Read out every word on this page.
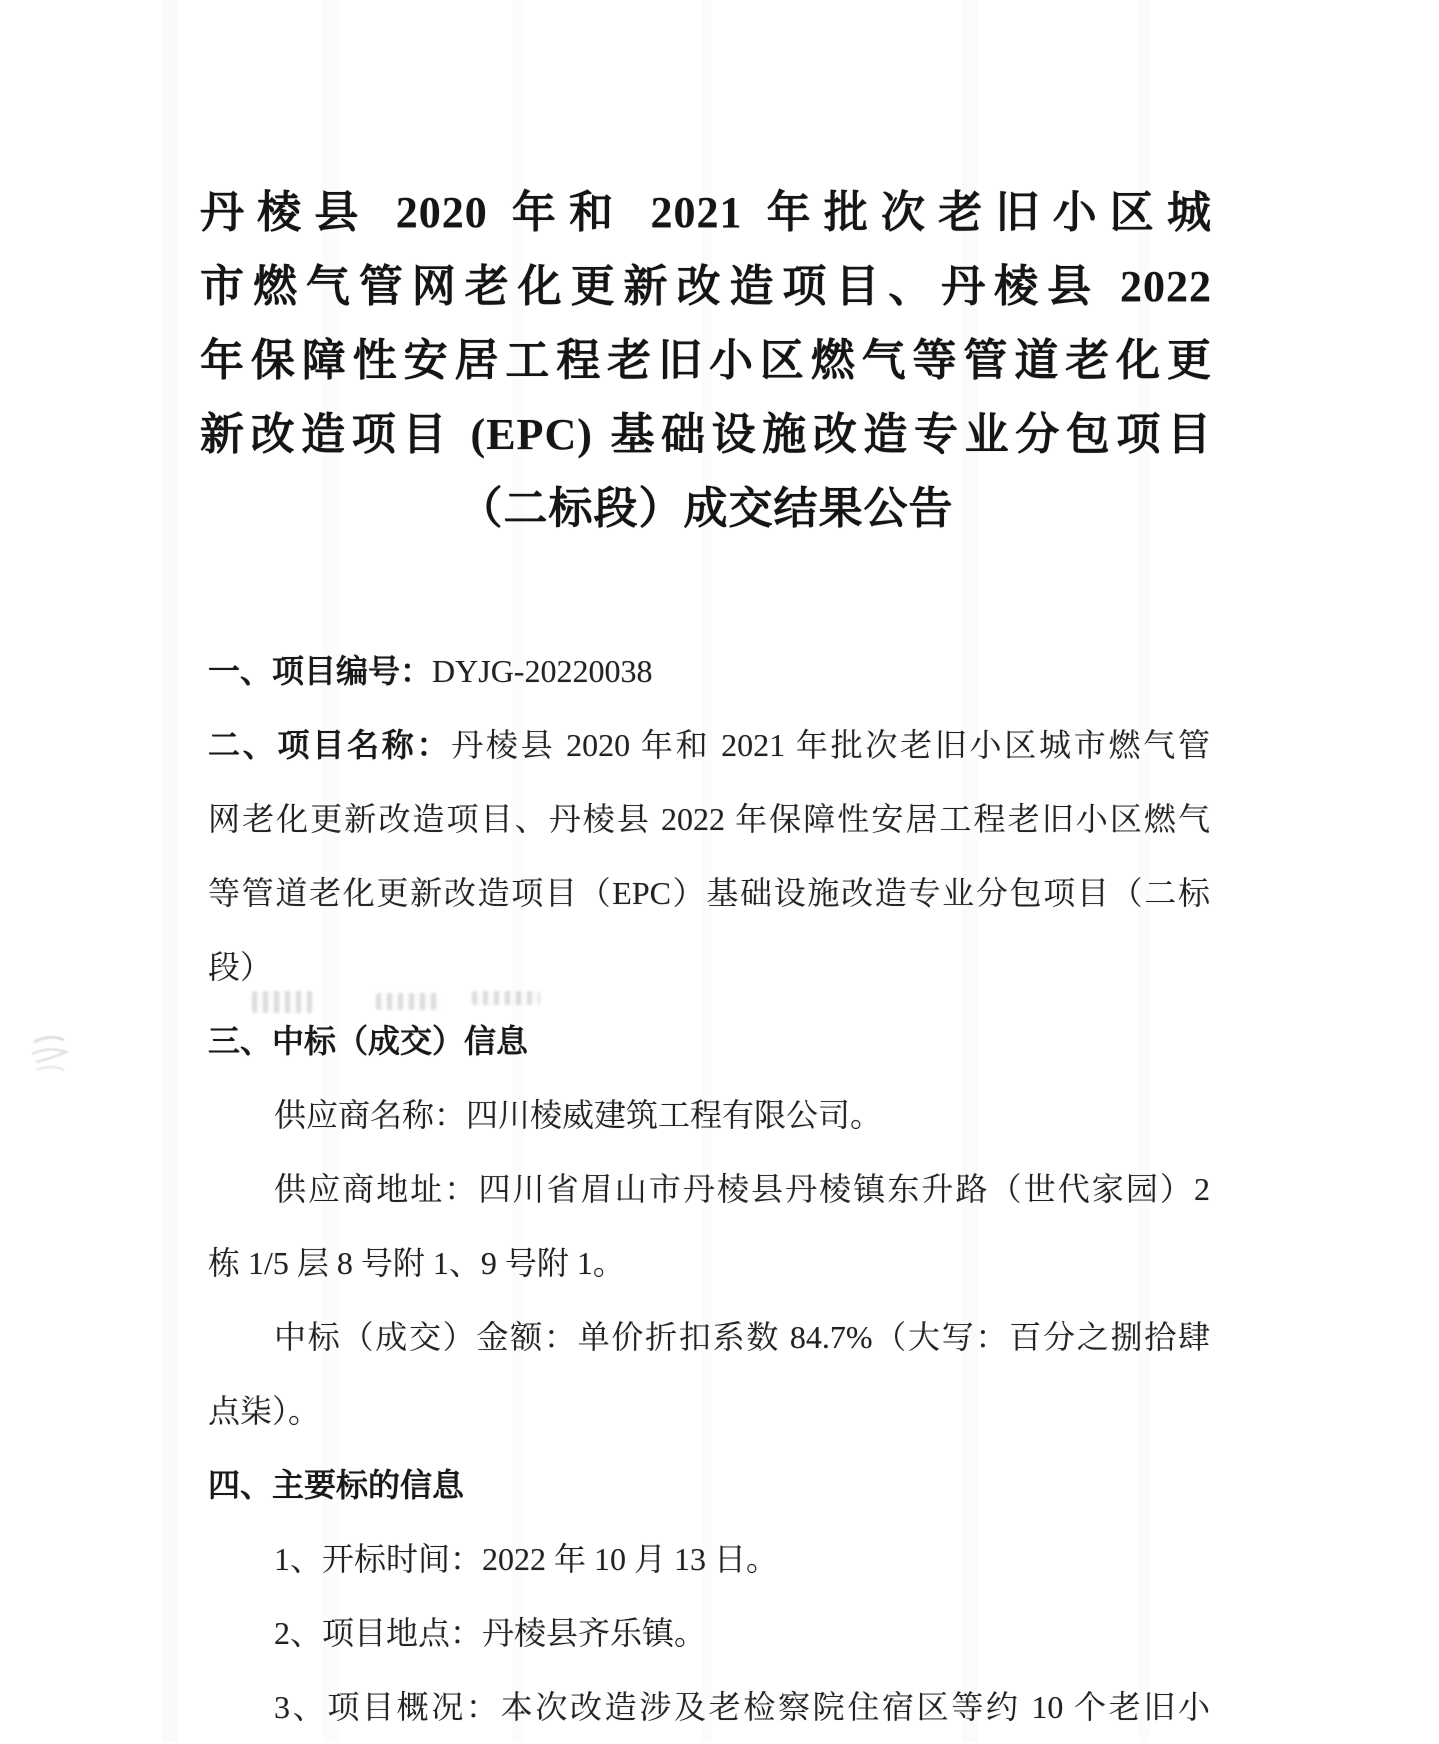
丹棱县 2020 年和 2021 年批次老旧小区城
市燃气管网老化更新改造项目、丹棱县 2022
年保障性安居工程老旧小区燃气等管道老化更
新改造项目 (EPC) 基础设施改造专业分包项目
（二标段）成交结果公告
一、项目编号：DYJG-20220038
二、项目名称：丹棱县 2020 年和 2021 年批次老旧小区城市燃气管
网老化更新改造项目、丹棱县 2022 年保障性安居工程老旧小区燃气
等管道老化更新改造项目（EPC）基础设施改造专业分包项目（二标
段）
三、中标（成交）信息
供应商名称：四川棱威建筑工程有限公司。
供应商地址：四川省眉山市丹棱县丹棱镇东升路（世代家园）2
栋 1/5 层 8 号附 1、9 号附 1。
中标（成交）金额：单价折扣系数 84.7%（大写：百分之捌拾肆
点柒）。
四、主要标的信息
1、开标时间：2022 年 10 月 13 日。
2、项目地点：丹棱县齐乐镇。
3、项目概况：本次改造涉及老检察院住宿区等约 10 个老旧小
